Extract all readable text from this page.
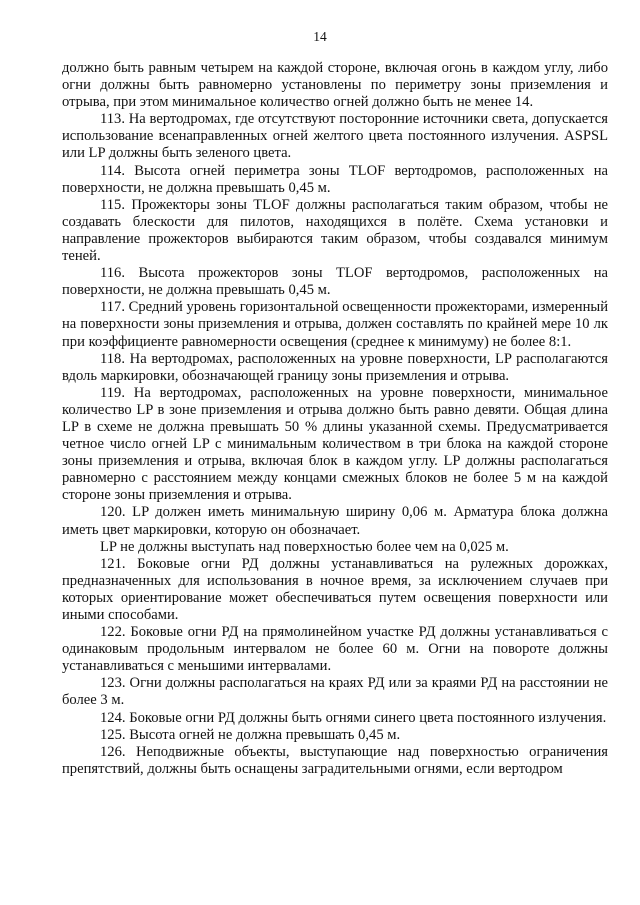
14

должно быть равным четырем на каждой стороне, включая огонь в каждом углу, либо огни должны быть равномерно установлены по периметру зоны приземления и отрыва, при этом минимальное количество огней должно быть не менее 14.

113. На вертодромах, где отсутствуют посторонние источники света, допускается использование всенаправленных огней желтого цвета постоянного излучения. ASPSL или LP должны быть зеленого цвета.

114. Высота огней периметра зоны TLOF вертодромов, расположенных на поверхности, не должна превышать 0,45 м.

115. Прожекторы зоны TLOF должны располагаться таким образом, чтобы не создавать блескости для пилотов, находящихся в полёте. Схема установки и направление прожекторов выбираются таким образом, чтобы создавался минимум теней.

116. Высота прожекторов зоны TLOF вертодромов, расположенных на поверхности, не должна превышать 0,45 м.

117. Средний уровень горизонтальной освещенности прожекторами, измеренный на поверхности зоны приземления и отрыва, должен составлять по крайней мере 10 лк при коэффициенте равномерности освещения (среднее к минимуму) не более 8:1.

118. На вертодромах, расположенных на уровне поверхности, LP располагаются вдоль маркировки, обозначающей границу зоны приземления и отрыва.

119. На вертодромах, расположенных на уровне поверхности, минимальное количество LP в зоне приземления и отрыва должно быть равно девяти. Общая длина LP в схеме не должна превышать 50 % длины указанной схемы. Предусматривается четное число огней LP с минимальным количеством в три блока на каждой стороне зоны приземления и отрыва, включая блок в каждом углу. LP должны располагаться равномерно с расстоянием между концами смежных блоков не более 5 м на каждой стороне зоны приземления и отрыва.

120. LP должен иметь минимальную ширину 0,06 м. Арматура блока должна иметь цвет маркировки, которую он обозначает.

LP не должны выступать над поверхностью более чем на 0,025 м.

121. Боковые огни РД должны устанавливаться на рулежных дорожках, предназначенных для использования в ночное время, за исключением случаев при которых ориентирование может обеспечиваться путем освещения поверхности или иными способами.

122. Боковые огни РД на прямолинейном участке РД должны устанавливаться с одинаковым продольным интервалом не более 60 м. Огни на повороте должны устанавливаться с меньшими интервалами.

123. Огни должны располагаться на краях РД или за краями РД на расстоянии не более 3 м.

124. Боковые огни РД должны быть огнями синего цвета постоянного излучения.

125. Высота огней не должна превышать 0,45 м.

126. Неподвижные объекты, выступающие над поверхностью ограничения препятствий, должны быть оснащены заградительными огнями, если вертодром
